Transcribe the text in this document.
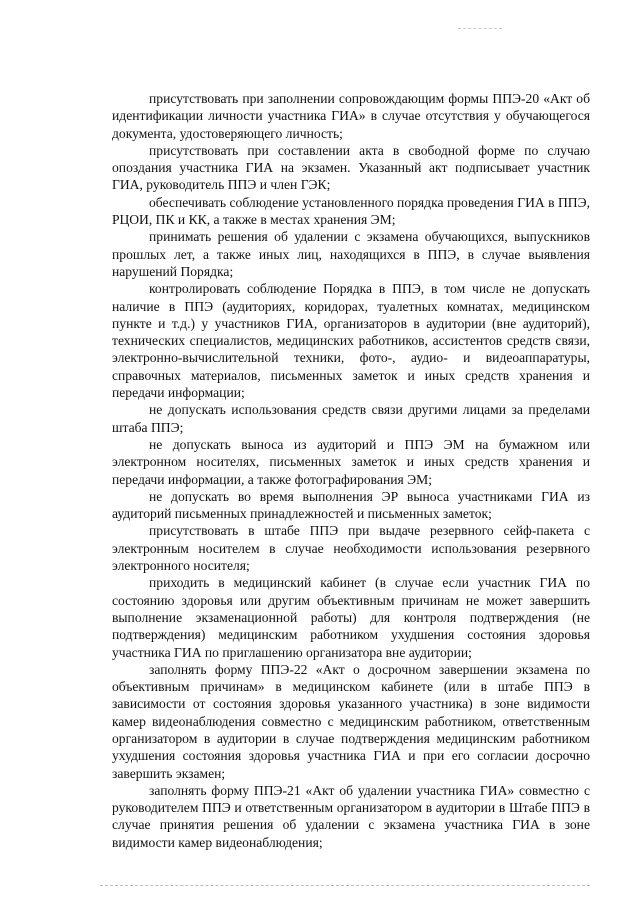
присутствовать при заполнении сопровождающим формы ППЭ-20 «Акт об идентификации личности участника ГИА» в случае отсутствия у обучающегося документа, удостоверяющего личность;

присутствовать при составлении акта в свободной форме по случаю опоздания участника ГИА на экзамен. Указанный акт подписывает участник ГИА, руководитель ППЭ и член ГЭК;

обеспечивать соблюдение установленного порядка проведения ГИА в ППЭ, РЦОИ, ПК и КК, а также в местах хранения ЭМ;

принимать решения об удалении с экзамена обучающихся, выпускников прошлых лет, а также иных лиц, находящихся в ППЭ, в случае выявления нарушений Порядка;

контролировать соблюдение Порядка в ППЭ, в том числе не допускать наличие в ППЭ (аудиториях, коридорах, туалетных комнатах, медицинском пункте и т.д.) у участников ГИА, организаторов в аудитории (вне аудиторий), технических специалистов, медицинских работников, ассистентов средств связи, электронно-вычислительной техники, фото-, аудио- и видеоаппаратуры, справочных материалов, письменных заметок и иных средств хранения и передачи информации;

не допускать использования средств связи другими лицами за пределами штаба ППЭ;

не допускать выноса из аудиторий и ППЭ ЭМ на бумажном или электронном носителях, письменных заметок и иных средств хранения и передачи информации, а также фотографирования ЭМ;

не допускать во время выполнения ЭР выноса участниками ГИА из аудиторий письменных принадлежностей и письменных заметок;

присутствовать в штабе ППЭ при выдаче резервного сейф-пакета с электронным носителем в случае необходимости использования резервного электронного носителя;

приходить в медицинский кабинет (в случае если участник ГИА по состоянию здоровья или другим объективным причинам не может завершить выполнение экзаменационной работы) для контроля подтверждения (не подтверждения) медицинским работником ухудшения состояния здоровья участника ГИА по приглашению организатора вне аудитории;

заполнять форму ППЭ-22 «Акт о досрочном завершении экзамена по объективным причинам» в медицинском кабинете (или в штабе ППЭ в зависимости от состояния здоровья указанного участника) в зоне видимости камер видеонаблюдения совместно с медицинским работником, ответственным организатором в аудитории в случае подтверждения медицинским работником ухудшения состояния здоровья участника ГИА и при его согласии досрочно завершить экзамен;

заполнять форму ППЭ-21 «Акт об удалении участника ГИА» совместно с руководителем ППЭ и ответственным организатором в аудитории в Штабе ППЭ в случае принятия решения об удалении с экзамена участника ГИА в зоне видимости камер видеонаблюдения;
